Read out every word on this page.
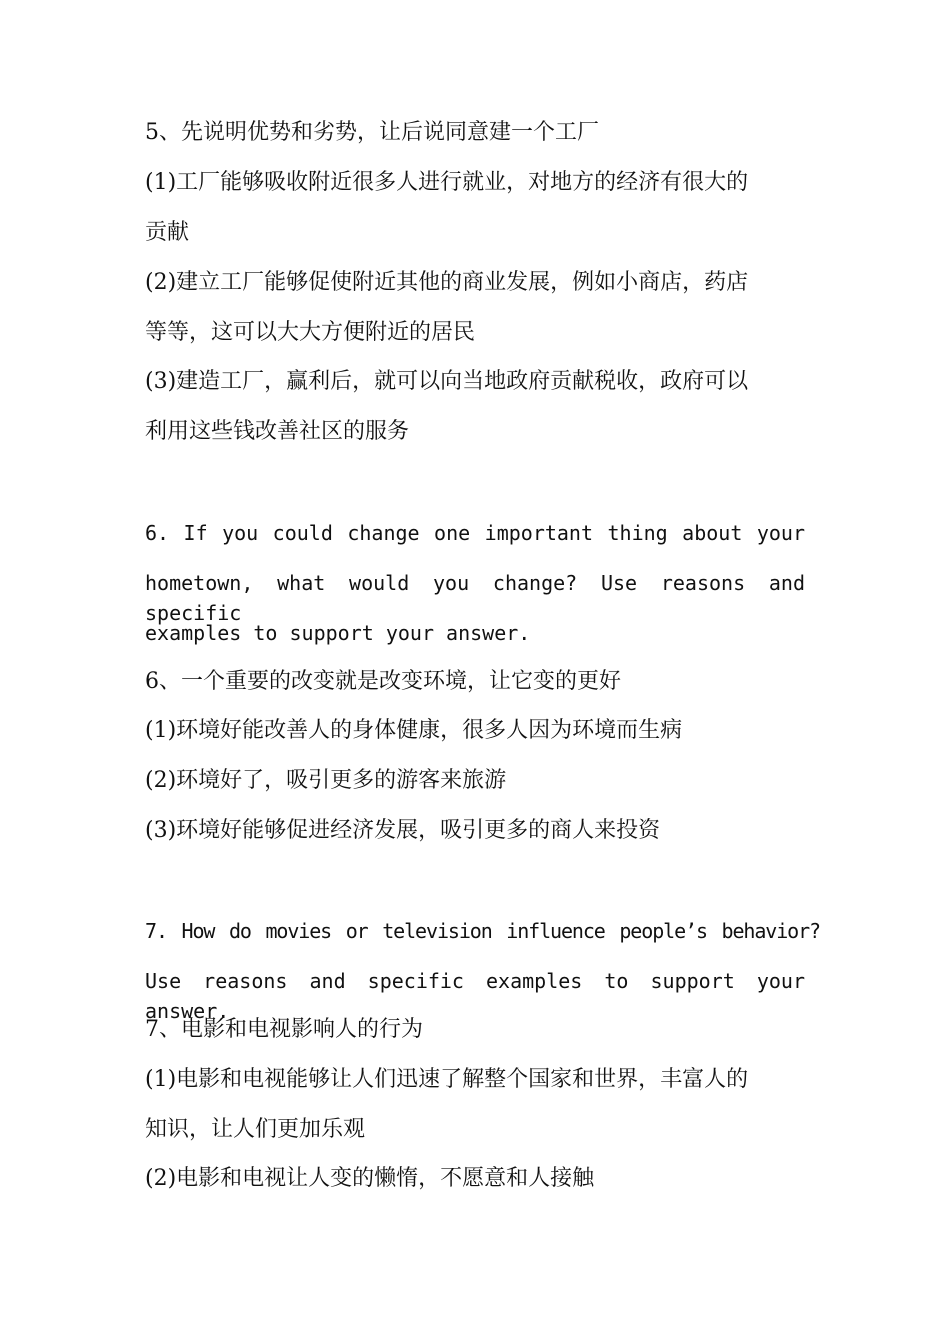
5、先说明优势和劣势，让后说同意建一个工厂

(1)工厂能够吸收附近很多人进行就业，对地方的经济有很大的

贡献

(2)建立工厂能够促使附近其他的商业发展，例如小商店，药店

等等，这可以大大方便附近的居民

(3)建造工厂，赢利后，就可以向当地政府贡献税收，政府可以

利用这些钱改善社区的服务

6. If you could change one important thing about your

hometown, what would you change? Use reasons and specific

examples to support your answer.

6、一个重要的改变就是改变环境，让它变的更好

(1)环境好能改善人的身体健康，很多人因为环境而生病

(2)环境好了，吸引更多的游客来旅游

(3)环境好能够促进经济发展，吸引更多的商人来投资

7. How do movies or television influence people’s behavior?

Use reasons and specific examples to support your answer.

7、电影和电视影响人的行为

(1)电影和电视能够让人们迅速了解整个国家和世界，丰富人的

知识，让人们更加乐观

(2)电影和电视让人变的懒惰，不愿意和人接触
